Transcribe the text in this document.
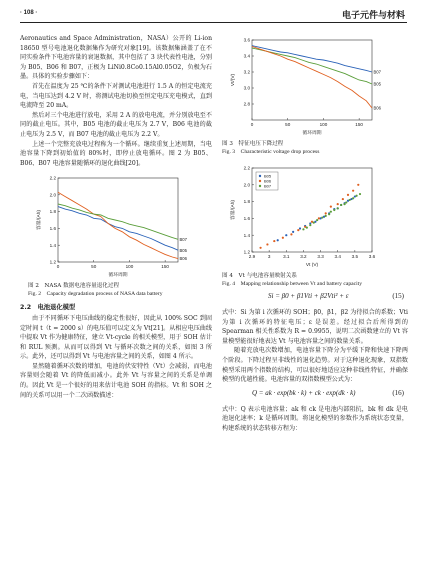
· 108 ·	电子元件与材料

Aeronautics and Space Administration，NASA）公开的 Li-ion 18650 型号电池退化数据集作为研究对象[19]。该数据集涵盖了在不同实验条件下电池容量的衰退数据，其中包括了 3 块代表性电池，分别为 B05、B06 和 B07，正极为 LiNi0.8Co0.15Al0.05O2，负极为石墨。具体的实验步骤如下：

首先在温度为 25 ℃的条件下对测试电池进行 1.5 A 的恒定电流充电，当电压达到 4.2 V 时，将测试电池切换至恒定电压充电模式，直到电流降至 20 mA。

然后对三个电池进行放电，采用 2 A 的放电电流，并分别放电至不同的截止电压。其中，B05 电池的截止电压为 2.7 V，B06 电池的截止电压为 2.5 V，而 B07 电池的截止电压为 2.2 V。

上述一个完整充放电过程称为一个循环。继续重复上述周期，当电池容量下降到初始值的 80%时，即停止放电循环。图 2 为 B05、B06、B07 电池容量随循环的退化曲线[20]。

0	50	100	150
1.2
1.4
1.6
1.8
2.0
2.2
循环周期
容量/(Ah)
B05
B06
B07

图 2　NASA 数据电池容量退化过程

Fig. 2　Capacity degradation process of NASA data battery

2.2　电池退化模型

由于不同循环下电压曲线的稳定性很好，因此从 100% SOC 到固定时间 t（t = 2000 s）的电压值可以定义为 Vt[21]。从相应电压曲线中提取 Vt 作为健康特征，建立 Vt-cycle 的相关模型，用于 SOH 估计和 RUL 预测。从而可以得到 Vt 与循环次数之间的关系，如图 3 所示。此外，还可以得到 Vt 与电池容量之间的关系，如图 4 所示。

显然随着循环次数的增加，电池的伏安特性（Vt）会减弱，而电池容量则会随着 Vt 的降低而减小。此外 Vt 与容量之间的关系是单调的。因此 Vt 是一个很好的用来估计电池 SOH 的指标。Vt 和 SOH 之间的关系可以用一个二次函数描述：

0	50	100	150
2.8
3.0
3.2
3.4
3.6
循环周期
Vt/(V)
B07
B05
B06

图 3　特征电压下降过程

Fig. 3　Characteristic voltage drop process

2.9	3	3.1 3.2 3.3 3.4 3.5 3.6
1.2
1.4
1.6
1.8
2.0
2.2
Vt (V)
容量/(Ah)
B05
B06
B07

图 4　Vt 与电池容量映射关系

Fig. 4　Mapping relationship between Vt and battery capacity

Si = β0 + β1Vti + β2Vti² + ε	(15)

式中：Si 为第 i 次循环的 SOH；β0，β1，β2 为待拟合的系数；Vti 为第 i 次循环的特征电压；ε 是误差。经过拟合后所得到的 Spearman 相关性系数为 R = 0.9955，说明二次函数建立的 Vt 容量模型能很好地表达 Vt 与电池容量之间的数量关系。

随着充放电次数增加，电池容量下降分为平缓下降和快速下降两个阶段。下降过程呈非线性的退化趋势。对于这种退化现象，双指数模型采用两个指数的结构，可以很好地适应这种非线性特征，并确保模型的优越性能。电池容量的双指数模型公式为：

Q = ak · exp(bk · k) + ck · exp(dk · k)	(16)

式中：Q 表示电池容量；ak 和 ck 是电池内部阻抗，bk 和 dk 是电池退化速率；k 是循环周期。将退化模型的参数作为系统状态变量，构建系统的状态转移方程为：
